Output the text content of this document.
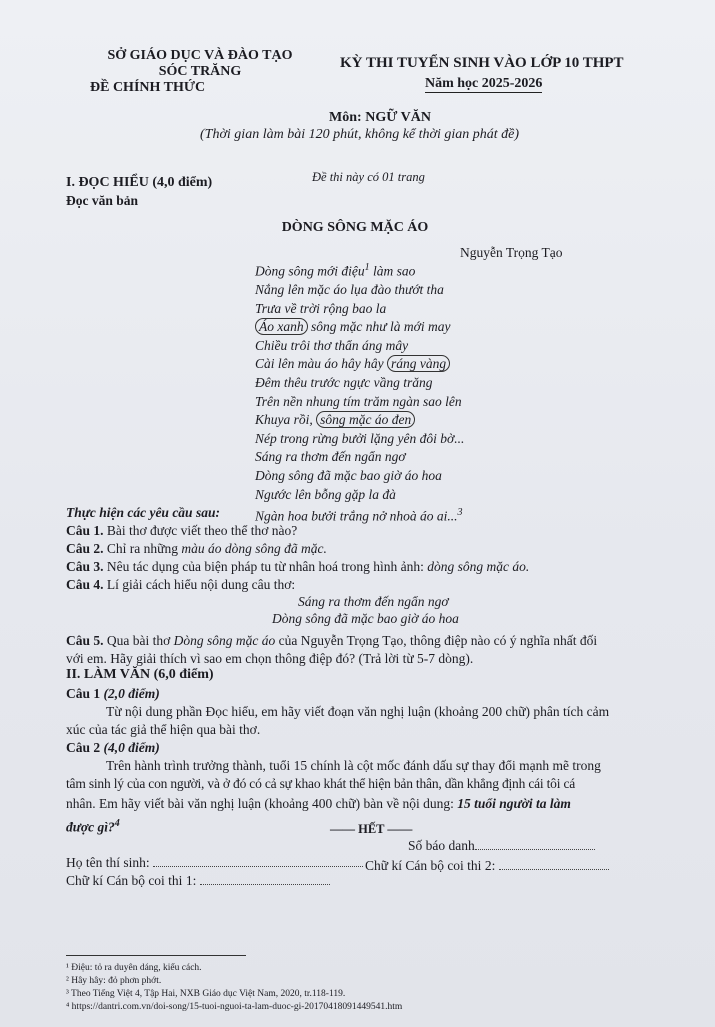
SỞ GIÁO DỤC VÀ ĐÀO TẠO
SÓC TRĂNG
ĐỀ CHÍNH THỨC
KỲ THI TUYỂN SINH VÀO LỚP 10 THPT
Năm học 2025-2026
Môn: NGỮ VĂN
(Thời gian làm bài 120 phút, không kể thời gian phát đề)
I. ĐỌC HIỂU (4,0 điểm)	Đề thi này có 01 trang
Đọc văn bản
DÒNG SÔNG MẶC ÁO
Nguyễn Trọng Tạo
Dòng sông mới điệu$^1$ làm sao
Nắng lên mặc áo lụa đào thướt tha
Trưa về trời rộng bao la
Áo xanh sông mặc như là mới may
Chiều trôi thơ thẩn áng mây
Cài lên màu áo hây hây ráng vàng
Đêm thêu trước ngực vầng trăng
Trên nền nhung tím trăm ngàn sao lên
Khuya rồi, sông mặc áo đen
Nép trong rừng bưởi lặng yên đôi bờ...
Sáng ra thơm đến ngẩn ngơ
Dòng sông đã mặc bao giờ áo hoa
Ngước lên bỗng gặp la đà
Ngàn hoa bưởi trắng nở nhoà áo ai...$^3$
Thực hiện các yêu cầu sau:
Câu 1. Bài thơ được viết theo thể thơ nào?
Câu 2. Chỉ ra những màu áo dòng sông đã mặc.
Câu 3. Nêu tác dụng của biện pháp tu từ nhân hoá trong hình ảnh: dòng sông mặc áo.
Câu 4. Lí giải cách hiểu nội dung câu thơ:
Sáng ra thơm đến ngẩn ngơ
Dòng sông đã mặc bao giờ áo hoa
Câu 5. Qua bài thơ Dòng sông mặc áo của Nguyễn Trọng Tạo, thông điệp nào có ý nghĩa nhất đối
với em. Hãy giải thích vì sao em chọn thông điệp đó? (Trả lời từ 5-7 dòng).
II. LÀM VĂN (6,0 điểm)
Câu 1 (2,0 điểm)
Từ nội dung phần Đọc hiểu, em hãy viết đoạn văn nghị luận (khoảng 200 chữ) phân tích cảm
xúc của tác giả thể hiện qua bài thơ.
Câu 2 (4,0 điểm)
Trên hành trình trưởng thành, tuổi 15 chính là cột mốc đánh dấu sự thay đổi mạnh mẽ trong
tâm sinh lý của con người, và ở đó có cả sự khao khát thể hiện bản thân, dần khẳng định cái tôi cá
nhân. Em hãy viết bài văn nghị luận (khoảng 400 chữ) bàn về nội dung: 15 tuổi người ta làm
được gì?$^4$	—— HẾT ——
Số báo danh
Họ tên thí sinh:
Chữ kí Cán bộ coi thi 1:
Chữ kí Cán bộ coi thi 2:
¹ Điệu: tỏ ra duyên dáng, kiểu cách.
² Hây hây: đỏ phơn phớt.
³ Theo Tiếng Việt 4, Tập Hai, NXB Giáo dục Việt Nam, 2020, tr.118-119.
⁴ https://dantri.com.vn/doi-song/15-tuoi-nguoi-ta-lam-duoc-gi-20170418091449541.htm
